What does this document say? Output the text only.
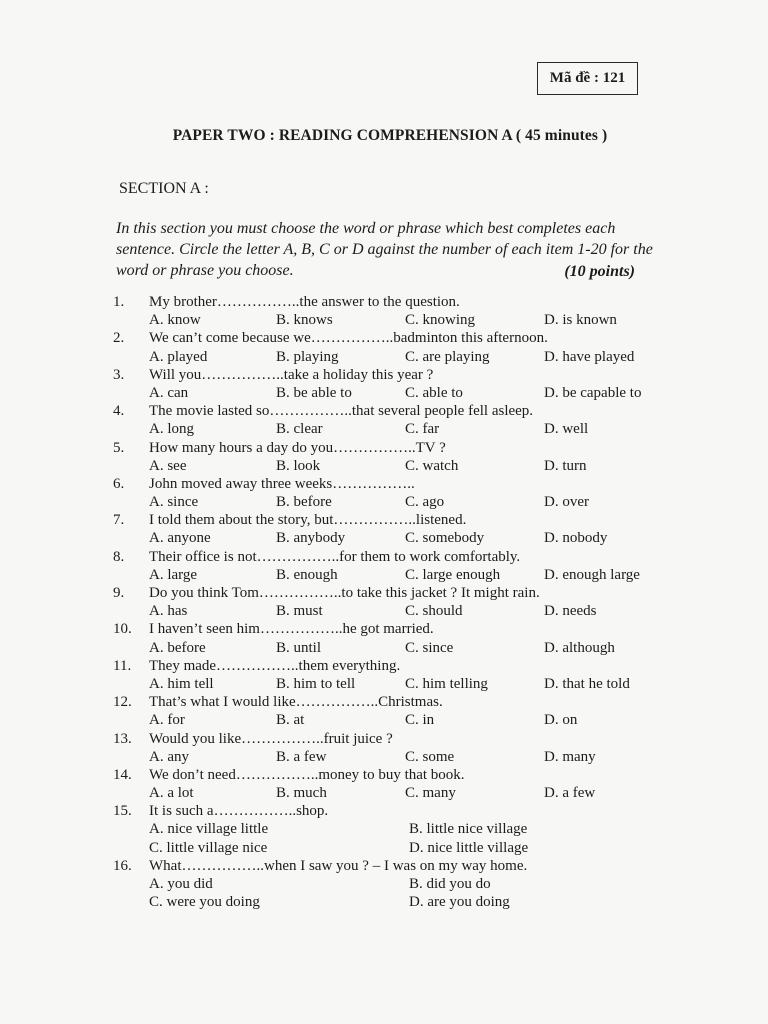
Mã đề : 121
PAPER TWO : READING COMPREHENSION A ( 45 minutes )
SECTION A :
In this section you must choose the word or phrase which best completes each sentence. Circle the letter A, B, C or D against the number of each item 1-20 for the word or phrase you choose.	(10 points)
1.	My brother……………..the answer to the question.
A. know	B. knows	C. knowing	D. is known
2.	We can’t come because we……………..badminton this afternoon.
A. played	B. playing	C. are playing	D. have played
3.	Will you……………..take a holiday this year ?
A. can	B. be able to	C. able to	D. be capable to
4.	The movie lasted so……………..that several people fell asleep.
A. long	B. clear	C. far	D. well
5.	How many hours a day do you……………..TV ?
A. see	B. look	C. watch	D. turn
6.	John moved away three weeks……………..
A. since	B. before	C. ago	D. over
7.	I told them about the story, but……………..listened.
A. anyone	B. anybody	C. somebody	D. nobody
8.	Their office is not……………..for them to work comfortably.
A. large	B. enough	C. large enough	D. enough large
9.	Do you think Tom……………..to take this jacket ? It might rain.
A. has	B. must	C. should	D. needs
10.	I haven’t seen him……………..he got married.
A. before	B. until	C. since	D. although
11.	They made……………..them everything.
A. him tell	B. him to tell	C. him telling	D. that he told
12.	That’s what I would like……………..Christmas.
A. for	B. at	C. in	D. on
13.	Would you like……………..fruit juice ?
A. any	B. a few	C. some	D. many
14.	We don’t need……………..money to buy that book.
A. a lot	B. much	C. many	D. a few
15.	It is such a……………..shop.
A. nice village little	B. little nice village
C. little village nice	D. nice little village
16.	What……………..when I saw you ? – I was on my way home.
A. you did	B. did you do
C. were you doing	D. are you doing
